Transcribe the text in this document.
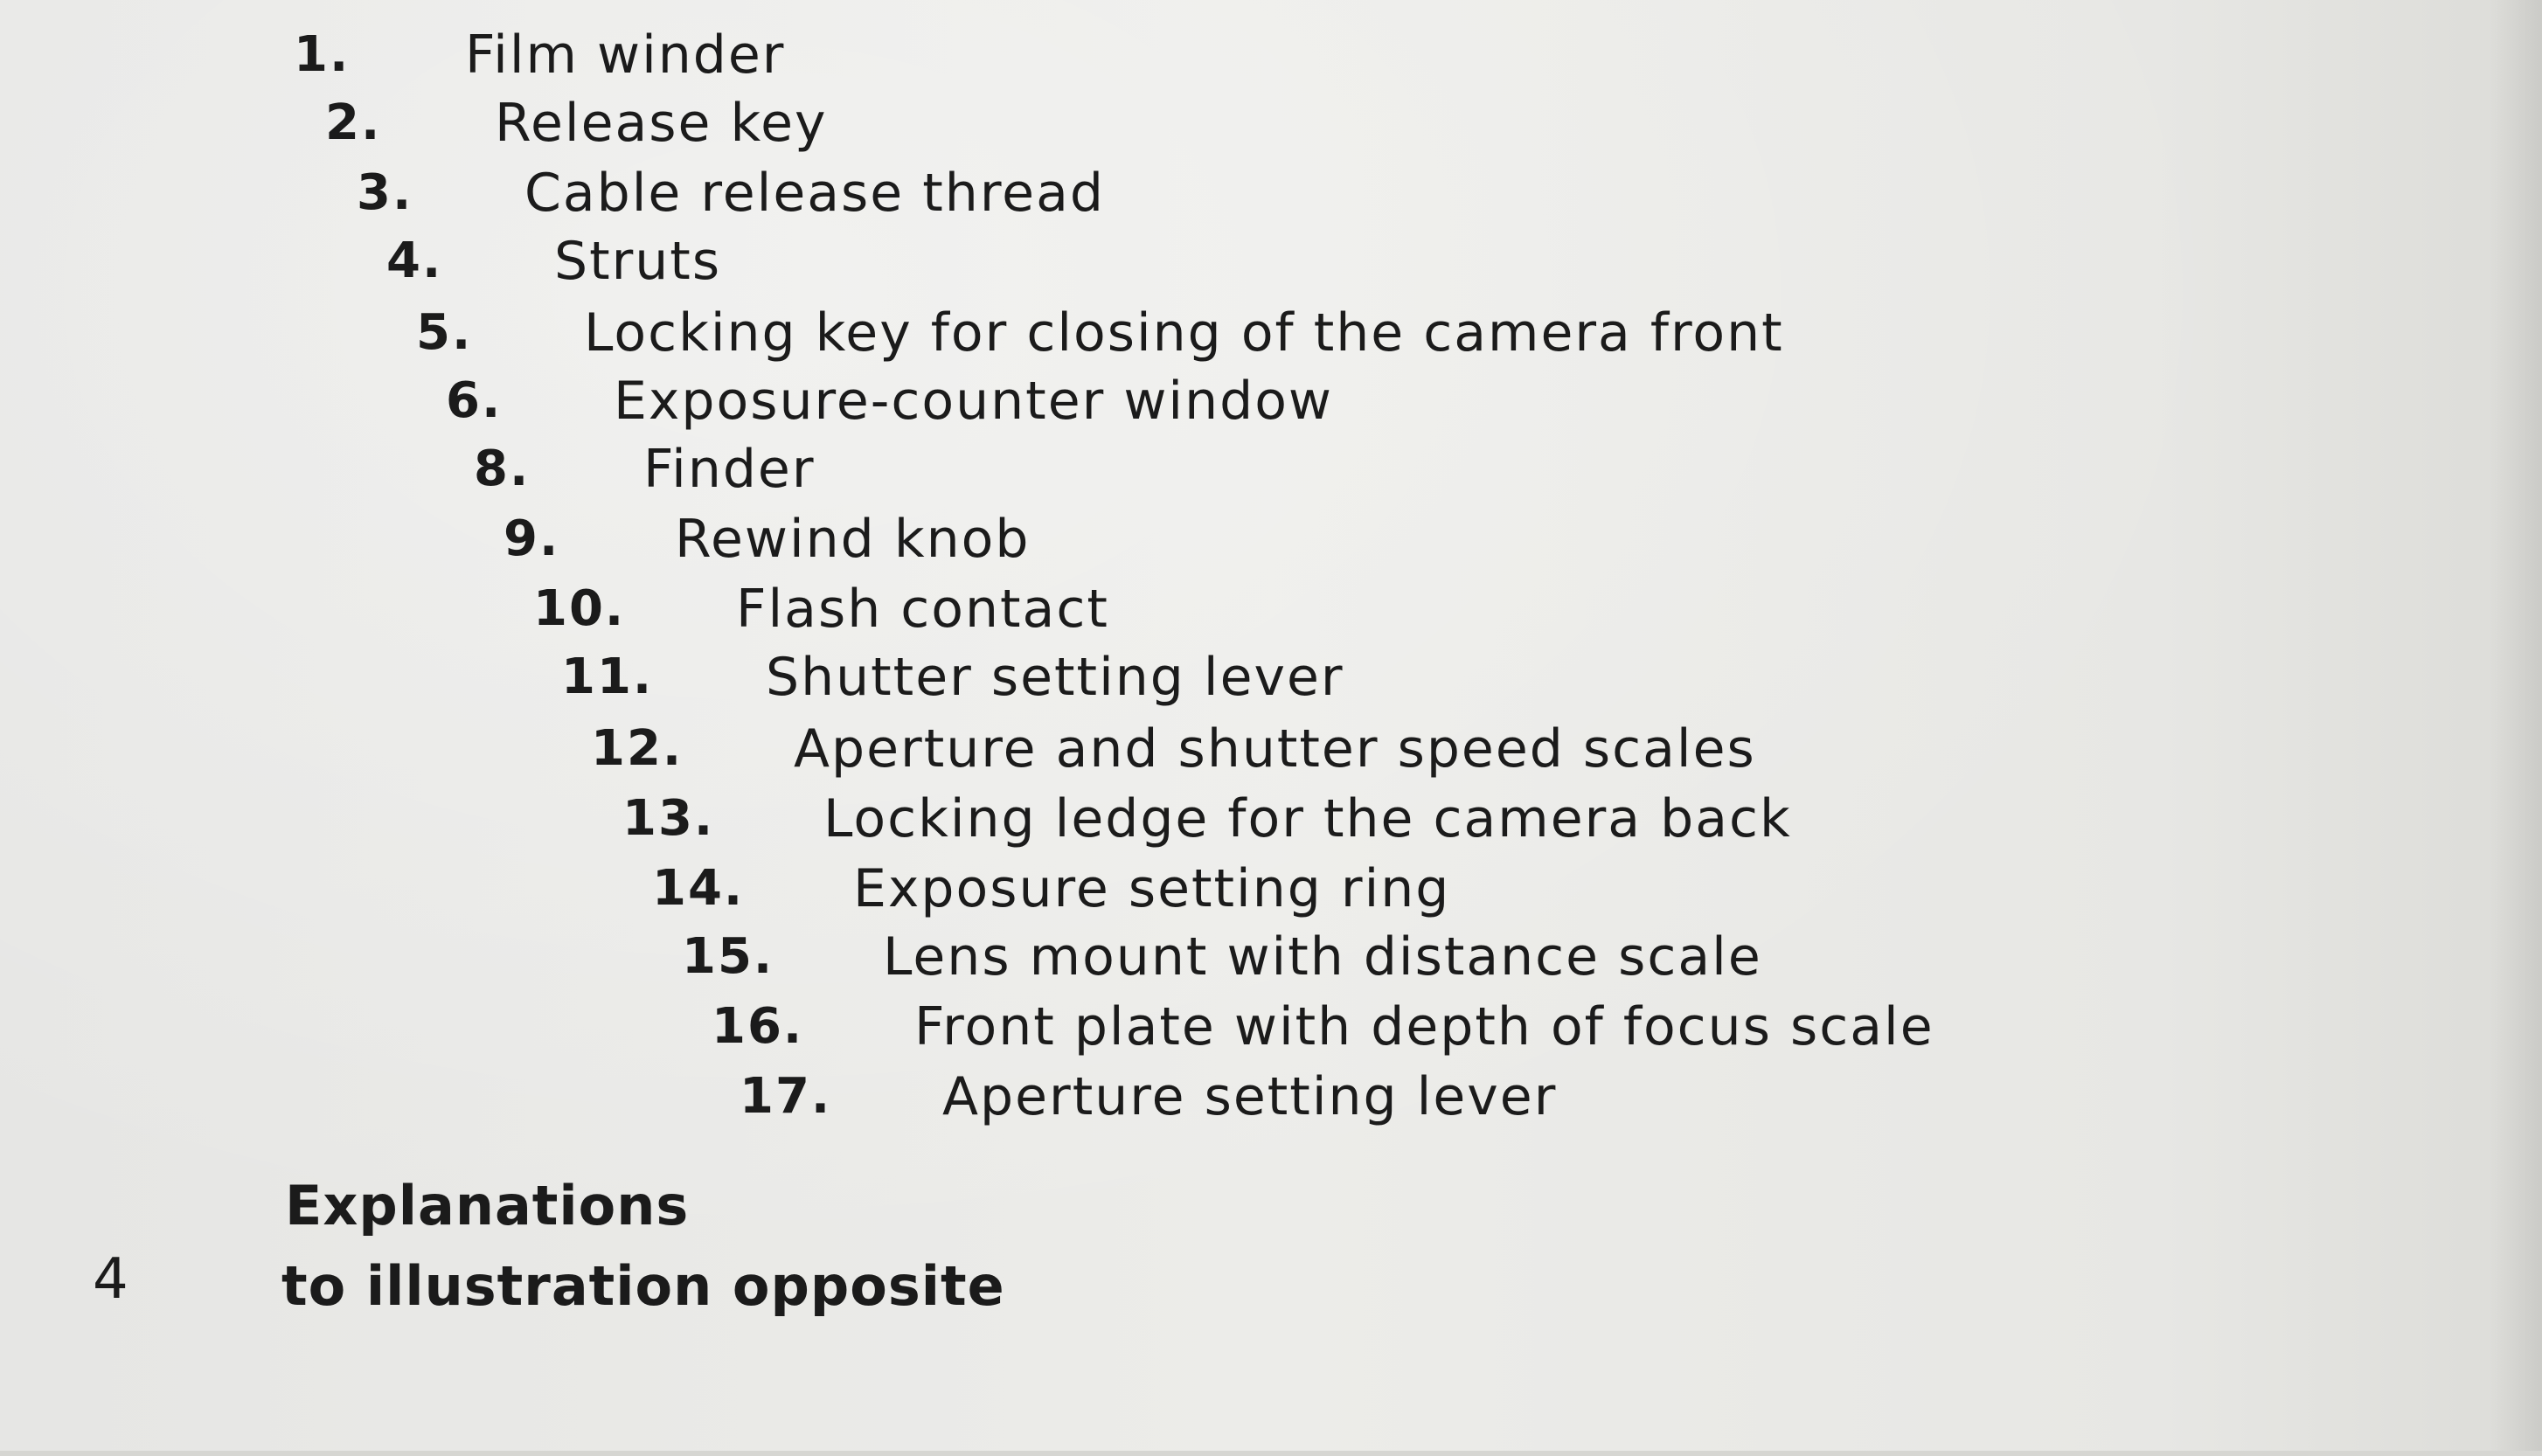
1. Film winder
2. Release key
3. Cable release thread
4. Struts
5. Locking key for closing of the camera front
6. Exposure-counter window
8. Finder
9. Rewind knob
10. Flash contact
11. Shutter setting lever
12. Aperture and shutter speed scales
13. Locking ledge for the camera back
14. Exposure setting ring
15. Lens mount with distance scale
16. Front plate with depth of focus scale
17. Aperture setting lever
Explanations
to illustration opposite
4
